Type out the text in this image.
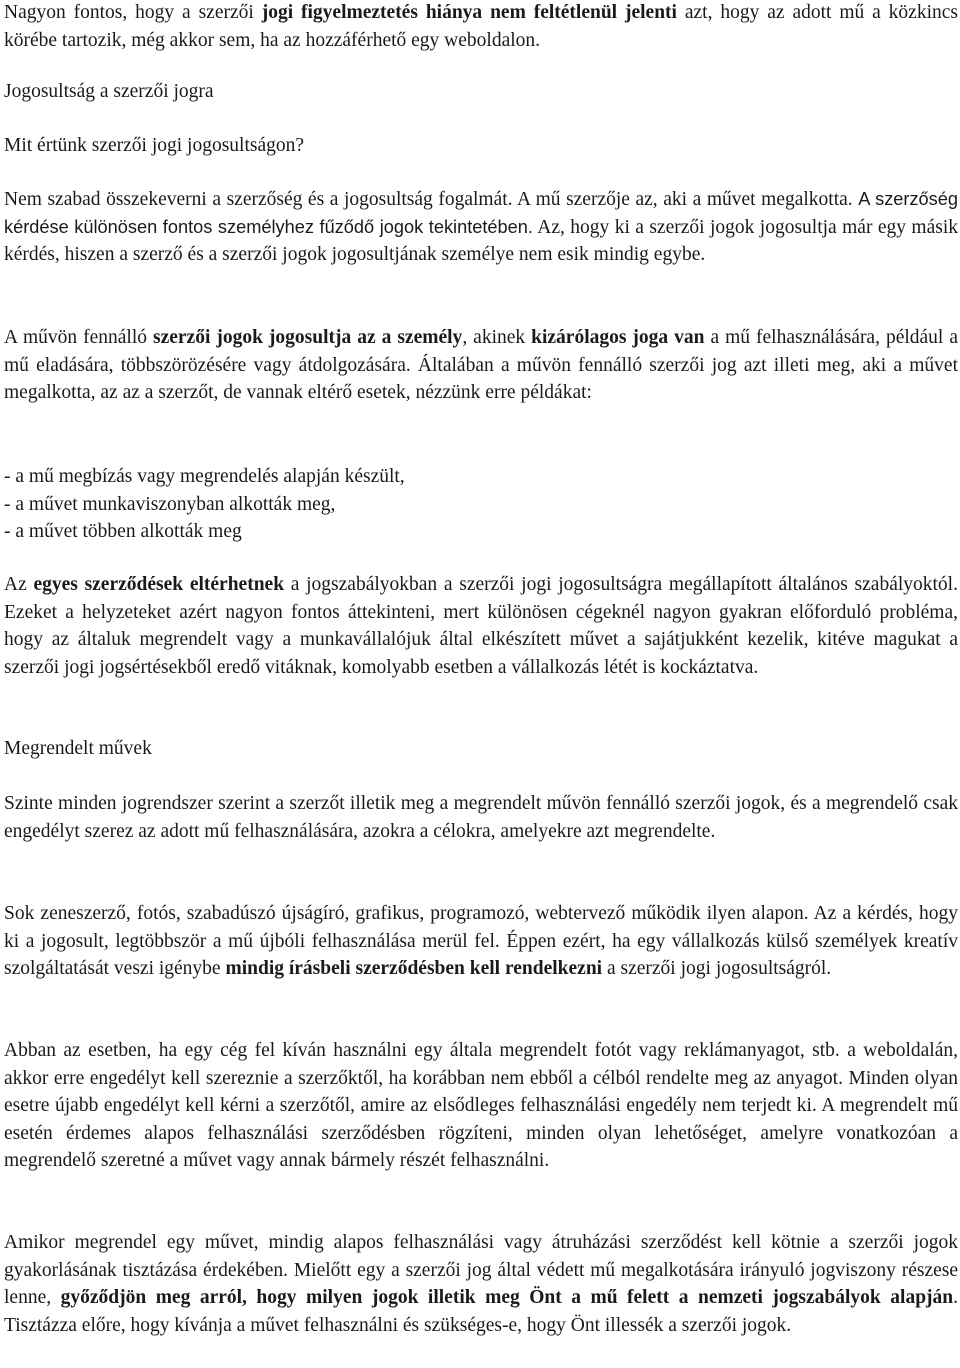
Nagyon fontos, hogy a szerzői jogi figyelmeztetés hiánya nem feltétlenül jelenti azt, hogy az adott mű a közkincs körébe tartozik, még akkor sem, ha az hozzáférhető egy weboldalon.

Jogosultság a szerzői jogra

Mit értünk szerzői jogi jogosultságon?

Nem szabad összekeverni a szerzőség és a jogosultság fogalmát. A mű szerzője az, aki a művet megalkotta. A szerzőség kérdése különösen fontos személyhez fűződő jogok tekintetében. Az, hogy ki a szerzői jogok jogosultja már egy másik kérdés, hiszen a szerző és a szerzői jogok jogosultjának személye nem esik mindig egybe.

A művön fennálló szerzői jogok jogosultja az a személy, akinek kizárólagos joga van a mű felhasználására, például a mű eladására, többszörözésére vagy átdolgozására. Általában a művön fennálló szerzői jog azt illeti meg, aki a művet megalkotta, az az a szerzőt, de vannak eltérő esetek, nézzünk erre példákat:

- a mű megbízás vagy megrendelés alapján készült,

- a művet munkaviszonyban alkották meg,

- a művet többen alkották meg

Az egyes szerződések eltérhetnek a jogszabályokban a szerzői jogi jogosultságra megállapított általános szabályoktól. Ezeket a helyzeteket azért nagyon fontos áttekinteni, mert különösen cégeknél nagyon gyakran előforduló probléma, hogy az általuk megrendelt vagy a munkavállalójuk által elkészített művet a sajátjukként kezelik, kitéve magukat a szerzői jogi jogsértésekből eredő vitáknak, komolyabb esetben a vállalkozás létét is kockáztatva.

Megrendelt művek

Szinte minden jogrendszer szerint a szerzőt illetik meg a megrendelt művön fennálló szerzői jogok, és a megrendelő csak engedélyt szerez az adott mű felhasználására, azokra a célokra, amelyekre azt megrendelte.

Sok zeneszerző, fotós, szabadúszó újságíró, grafikus, programozó, webtervező működik ilyen alapon. Az a kérdés, hogy ki a jogosult, legtöbbször a mű újbóli felhasználása merül fel. Éppen ezért, ha egy vállalkozás külső személyek kreatív szolgáltatását veszi igénybe mindig írásbeli szerződésben kell rendelkezni a szerzői jogi jogosultságról.

Abban az esetben, ha egy cég fel kíván használni egy általa megrendelt fotót vagy reklámanyagot, stb. a weboldalán, akkor erre engedélyt kell szereznie a szerzőktől, ha korábban nem ebből a célból rendelte meg az anyagot. Minden olyan esetre újabb engedélyt kell kérni a szerzőtől, amire az elsődleges felhasználási engedély nem terjedt ki. A megrendelt mű esetén érdemes alapos felhasználási szerződésben rögzíteni, minden olyan lehetőséget, amelyre vonatkozóan a megrendelő szeretné a művet vagy annak bármely részét felhasználni.

Amikor megrendel egy művet, mindig alapos felhasználási vagy átruházási szerződést kell kötnie a szerzői jogok gyakorlásának tisztázása érdekében. Mielőtt egy a szerzői jog által védett mű megalkotására irányuló jogviszony részese lenne, győződjön meg arról, hogy milyen jogok illetik meg Önt a mű felett a nemzeti jogszabályok alapján. Tisztázza előre, hogy kívánja a művet felhasználni és szükséges-e, hogy Önt illessék a szerzői jogok.
